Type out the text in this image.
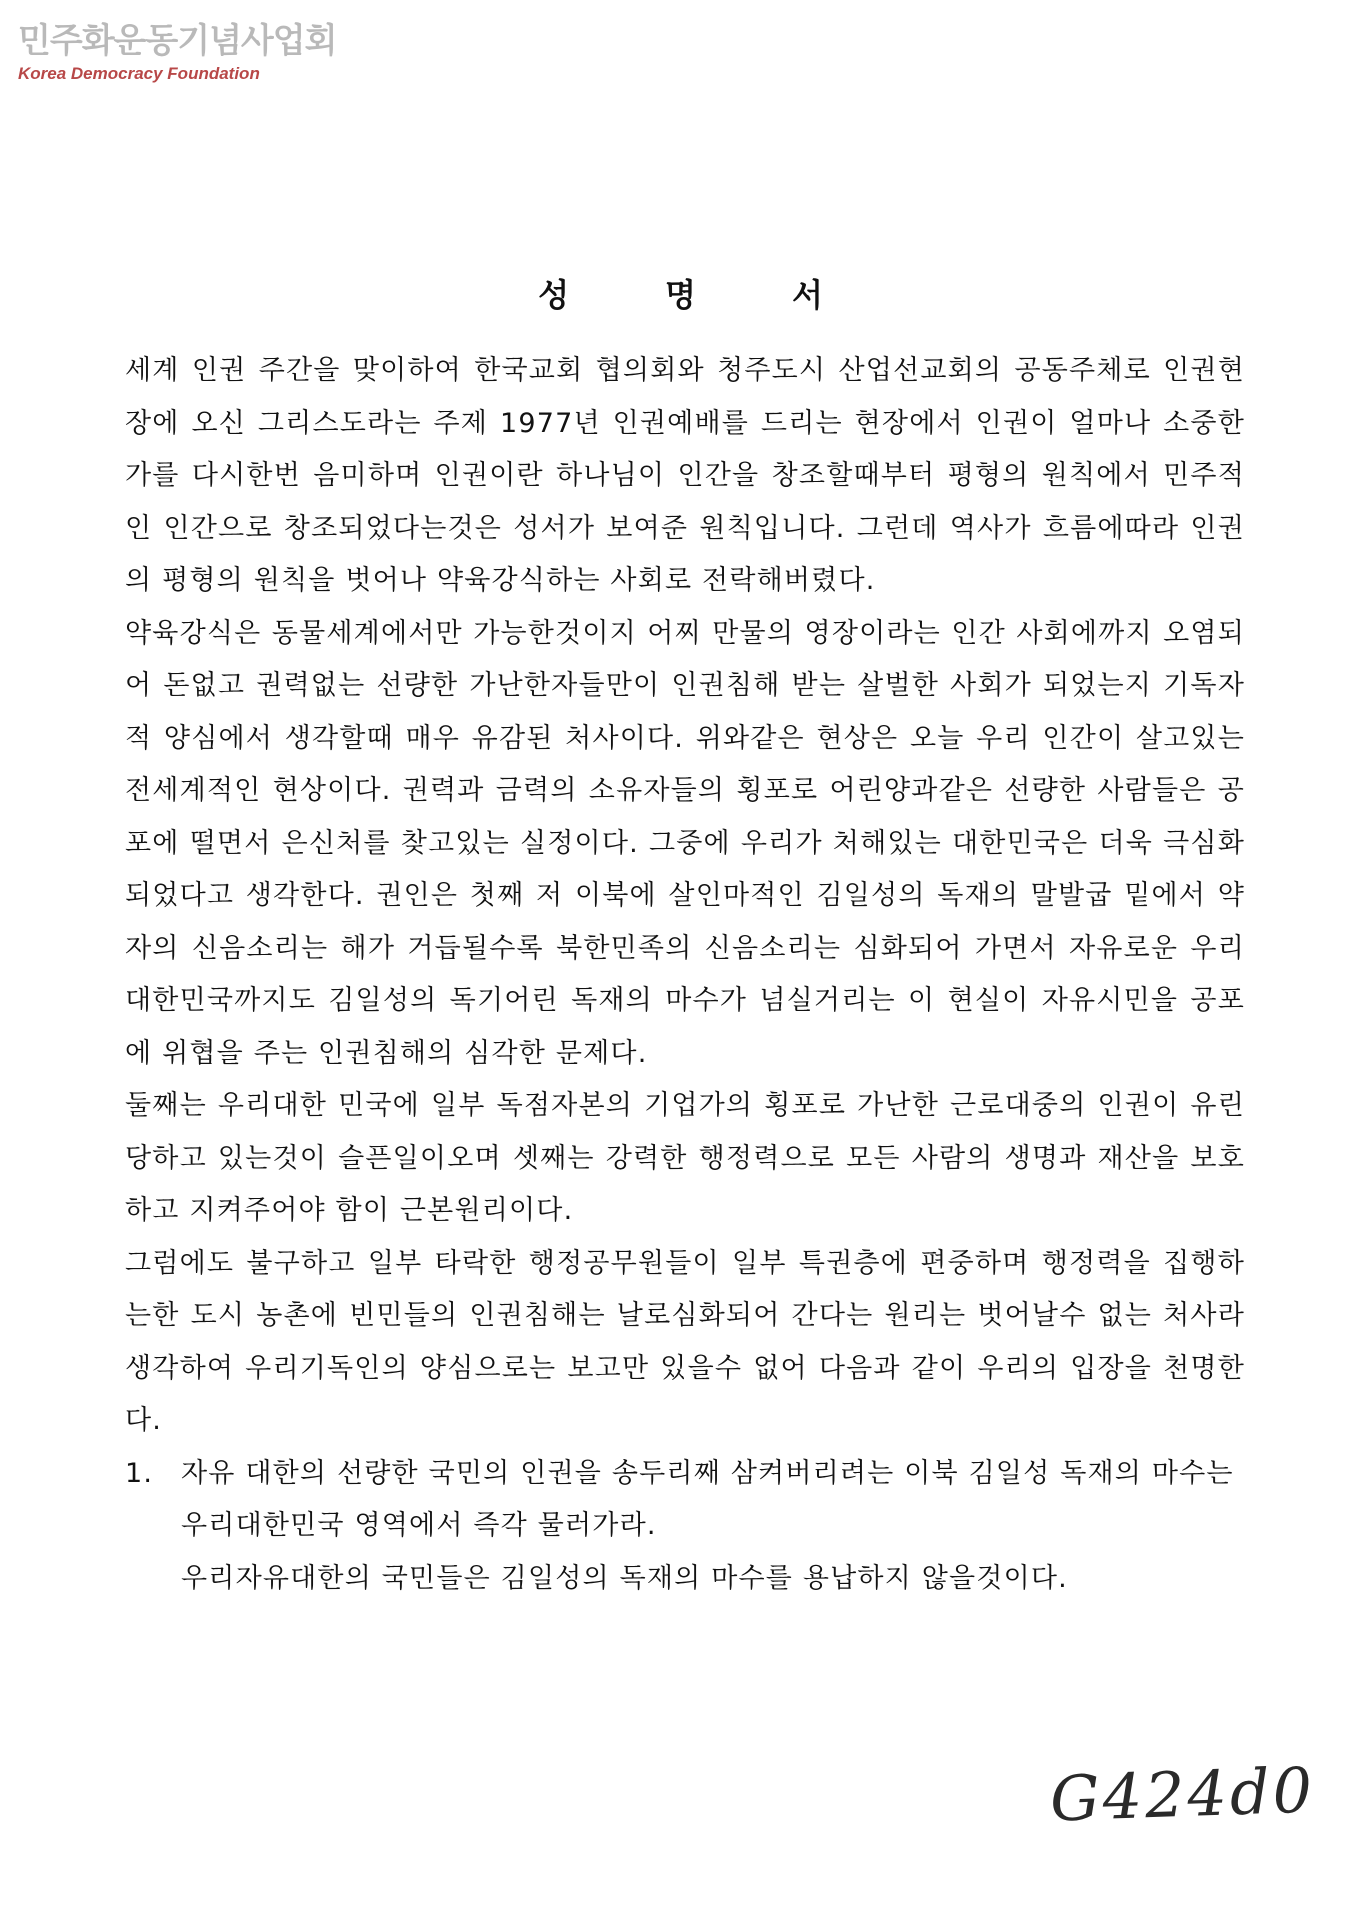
민주화운동기념사업회
Korea Democracy Foundation
성명서

세계 인권 주간을 맞이하여 한국교회 협의회와 청주도시 산업선교회의 공동주체로 인권현장에 오신 그리스도라는 주제 1977년 인권예배를 드리는 현장에서 인권이 얼마나 소중한가를 다시한번 음미하며 인권이란 하나님이 인간을 창조할때부터 평형의 원칙에서 민주적인 인간으로 창조되었다는것은 성서가 보여준 원칙입니다. 그런데 역사가 흐름에따라 인권의 평형의 원칙을 벗어나 약육강식하는 사회로 전락해버렸다.

약육강식은 동물세계에서만 가능한것이지 어찌 만물의 영장이라는 인간 사회에까지 오염되어 돈없고 권력없는 선량한 가난한자들만이 인권침해 받는 살벌한 사회가 되었는지 기독자적 양심에서 생각할때 매우 유감된 처사이다. 위와같은 현상은 오늘 우리 인간이 살고있는 전세계적인 현상이다. 권력과 금력의 소유자들의 횡포로 어린양과같은 선량한 사람들은 공포에 떨면서 은신처를 찾고있는 실정이다. 그중에 우리가 처해있는 대한민국은 더욱 극심화되었다고 생각한다. 권인은 첫째 저 이북에 살인마적인 김일성의 독재의 말발굽 밑에서 약자의 신음소리는 해가 거듭될수록 북한민족의 신음소리는 심화되어 가면서 자유로운 우리대한민국까지도 김일성의 독기어린 독재의 마수가 넘실거리는 이 현실이 자유시민을 공포에 위협을 주는 인권침해의 심각한 문제다.

둘째는 우리대한 민국에 일부 독점자본의 기업가의 횡포로 가난한 근로대중의 인권이 유린당하고 있는것이 슬픈일이오며 셋째는 강력한 행정력으로 모든 사람의 생명과 재산을 보호하고 지켜주어야 함이 근본원리이다.

그럼에도 불구하고 일부 타락한 행정공무원들이 일부 특권층에 편중하며 행정력을 집행하는한 도시 농촌에 빈민들의 인권침해는 날로심화되어 간다는 원리는 벗어날수 없는 처사라 생각하여 우리기독인의 양심으로는 보고만 있을수 없어 다음과 같이 우리의 입장을 천명한다.

1.	자유 대한의 선량한 국민의 인권을 송두리째 삼켜버리려는 이북 김일성 독재의 마수는 우리대한민국 영역에서 즉각 물러가라.

우리자유대한의 국민들은 김일성의 독재의 마수를 용납하지 않을것이다.

G424d0
